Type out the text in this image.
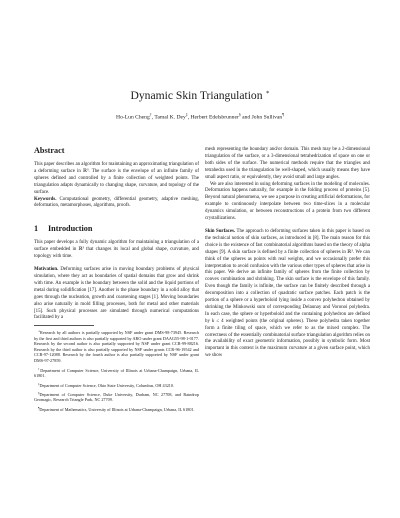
Dynamic Skin Triangulation ∗
Ho-Lun Cheng†, Tamal K. Dey‡, Herbert Edelsbrunner§ and John Sullivan¶
Abstract

This paper describes an algorithm for maintaining an approximating triangulation of a deforming surface in ℝ³. The surface is the envelope of an infinite family of spheres defined and controlled by a finite collection of weighted points. The triangulation adapts dynamically to changing shape, curvature, and topology of the surface.

Keywords. Computational geometry, differential geometry, adaptive meshing, deformation, metamorphoses, algorithms, proofs.

1 Introduction

This paper develops a fully dynamic algorithm for maintaining a triangulation of a surface embedded in ℝ³ that changes its local and global shape, curvature, and topology with time.

Motivation. Deforming surfaces arise in moving boundary problems of physical simulation, where they act as boundaries of spatial domains that grow and shrink with time. An example is the boundary between the solid and the liquid portions of metal during solidification [17]. Another is the phase boundary in a solid alloy that goes through the nucleation, growth and coarsening stages [1]. Moving boundaries also arise naturally in mold filling processes, both for metal and other materials [15]. Such physical processes are simulated through numerical computations facilitated by a

∗Research by all authors is partially supported by NSF under grant DMS-98-73945. Research by the first and third authors is also partially supported by ARO under grant DAAG55-98-1-0177. Research by the second author is also partially supported by NSF under grant CCR-99-88216. Research by the third author is also partially supported by NSF under grants CCR-96-19542 and CCR-97-12088. Research by the fourth author is also partially supported by NSF under grant DMS-97-27859.

†Department of Computer Science, University of Illinois at Urbana-Champaign, Urbana, IL 61801.

‡Department of Computer Science, Ohio State University, Columbus, OH 43210.

§Department of Computer Science, Duke University, Durham, NC 27708, and Raindrop Geomagic, Research Triangle Park, NC 27709.

¶Department of Mathematics, University of Illinois at Urbana-Champaign, Urbana, IL 61801.

mesh representing the boundary and/or domain. This mesh may be a 2-dimensional triangulation of the surface, or a 3-dimensional tetrahedrization of space on one or both sides of the surface. The numerical methods require that the triangles and tetrahedra used in the triangulation be well-shaped, which usually means they have small aspect ratio, or equivalently, they avoid small and large angles.

We are also interested in using deforming surfaces in the modeling of molecules. Deformation happens naturally, for example in the folding process of proteins [5]. Beyond natural phenomena, we see a purpose in creating artificial deformations, for example to continuously interpolate between two time-slices in a molecular dynamics simulation, or between reconstructions of a protein from two different crystallizations.

Skin Surfaces. The approach to deforming surfaces taken in this paper is based on the technical notion of skin surfaces, as introduced in [8]. The main reason for this choice is the existence of fast combinatorial algorithms based on the theory of alpha shapes [9]. A skin surface is defined by a finite collection of spheres in ℝ³. We can think of the spheres as points with real weights, and we occasionally prefer this interpretation to avoid confusion with the various other types of spheres that arise in this paper. We derive an infinite family of spheres from the finite collection by convex combination and shrinking. The skin surface is the envelope of this family. Even though the family is infinite, the surface can be finitely described through a decomposition into a collection of quadratic surface patches. Each patch is the portion of a sphere or a hyperboloid lying inside a convex polyhedron obtained by shrinking the Minkowski sum of corresponding Delaunay and Voronoi polyhedra. In each case, the sphere or hyperboloid and the containing polyhedron are defined by k ≤ 4 weighted points (the original spheres). These polyhedra taken together form a finite tiling of space, which we refer to as the mixed complex. The correctness of the essentially combinatorial surface triangulation algorithm relies on the availability of exact geometric information, possibly in symbolic form. Most important in this context is the maximum curvature at a given surface point, which we show
